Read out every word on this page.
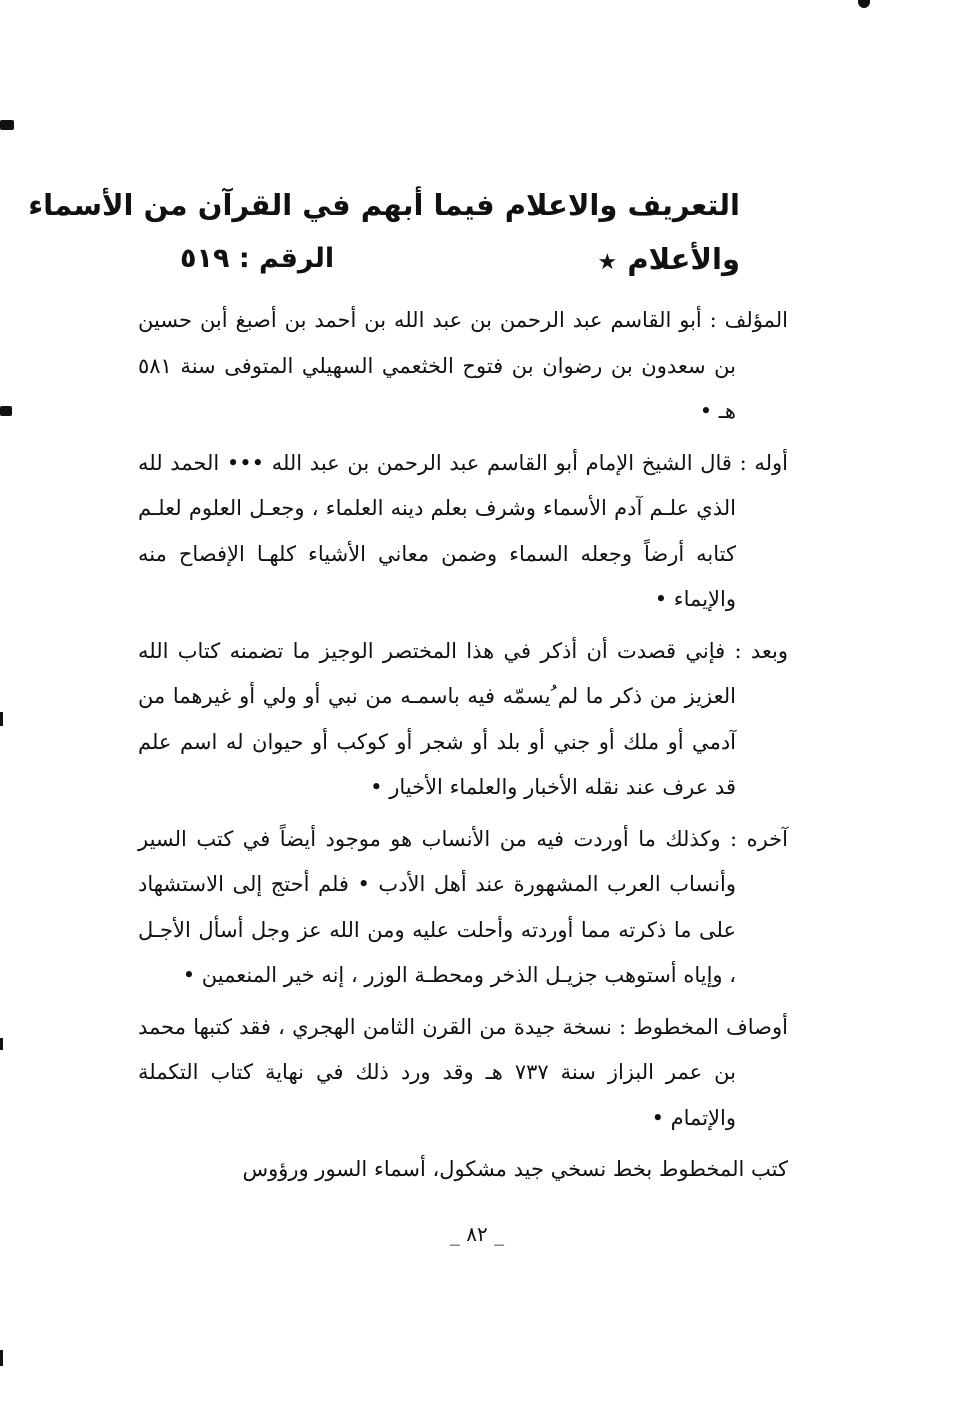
التعريف والاعلام فيما أبهم في القرآن من الأسماء
والأعلام ★
الرقم : ٥١٩

المؤلف : أبو القاسم عبد الرحمن بن عبد الله بن أحمد بن أصبغ أبن حسين بن سعدون بن رضوان بن فتوح الخثعمي السهيلي المتوفى سنة ٥٨١ هـ •

أوله : قال الشيخ الإمام أبو القاسم عبد الرحمن بن عبد الله ••• الحمد لله الذي علـم آدم الأسماء وشرف بعلم دينه العلماء ، وجعـل العلوم لعلـم كتابه أرضاً وجعله السماء وضمن معاني الأشياء كلهـا الإفصاح منه والإيماء •

وبعد : فإني قصدت أن أذكر في هذا المختصر الوجيز ما تضمنه كتاب الله العزيز من ذكر ما لم ُيسمّه فيه باسمـه من نبي أو ولي أو غيرهما من آدمي أو ملك أو جني أو بلد أو شجر أو كوكب أو حيوان له اسم علم قد عرف عند نقله الأخبار والعلماء الأخيار •

آخره : وكذلك ما أوردت فيه من الأنساب هو موجود أيضاً في كتب السير وأنساب العرب المشهورة عند أهل الأدب • فلم أحتج إلى الاستشهاد على ما ذكرته مما أوردته وأحلت عليه ومن الله عز وجل أسأل الأجـل ، وإياه أستوهب جزيـل الذخر ومحطـة الوزر ، إنه خير المنعمين •

أوصاف المخطوط : نسخة جيدة من القرن الثامن الهجري ، فقد كتبها محمد بن عمر البزاز سنة ٧٣٧ هـ وقد ورد ذلك في نهاية كتاب التكملة والإتمام •

كتب المخطوط بخط نسخي جيد مشكول، أسماء السور ورؤوس

_ ٨٢ _
